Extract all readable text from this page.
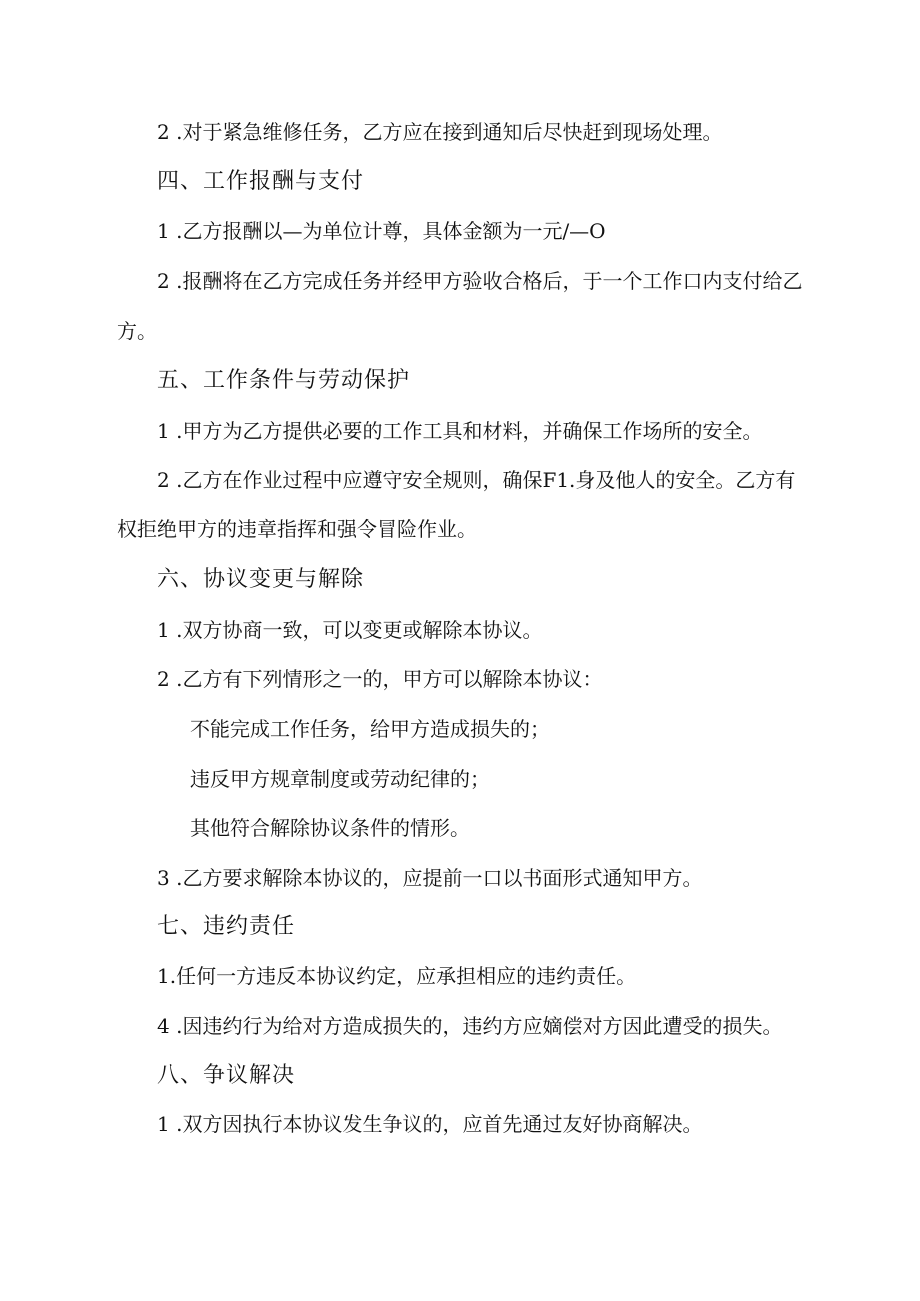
2 .对于紧急维修任务，乙方应在接到通知后尽快赶到现场处理。
四、工作报酬与支付
1 .乙方报酬以—为单位计尊，具体金额为一元/—O
2 .报酬将在乙方完成任务并经甲方验收合格后，于一个工作口内支付给乙
方。
五、工作条件与劳动保护
1 .甲方为乙方提供必要的工作工具和材料，并确保工作场所的安全。
2 .乙方在作业过程中应遵守安全规则，确保F1.身及他人的安全。乙方有
权拒绝甲方的违章指挥和强令冒险作业。
六、协议变更与解除
1 .双方协商一致，可以变更或解除本协议。
2 .乙方有下列情形之一的，甲方可以解除本协议：
不能完成工作任务，给甲方造成损失的；
违反甲方规章制度或劳动纪律的；
其他符合解除协议条件的情形。
3 .乙方要求解除本协议的，应提前一口以书面形式通知甲方。
七、违约责任
1.任何一方违反本协议约定，应承担相应的违约责任。
4 .因违约行为给对方造成损失的，违约方应嫡偿对方因此遭受的损失。
八、争议解决
1 .双方因执行本协议发生争议的，应首先通过友好协商解决。
